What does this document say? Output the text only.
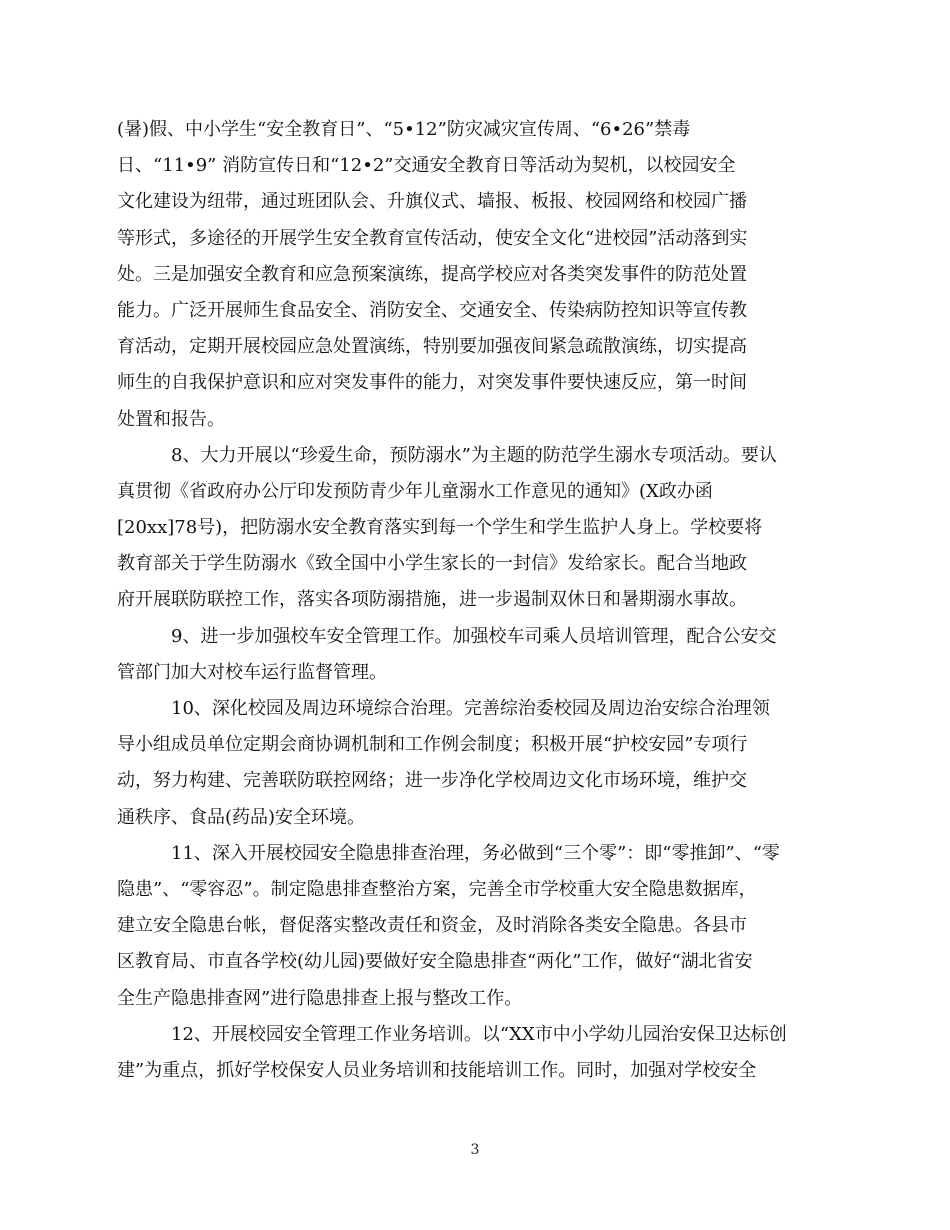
(暑)假、中小学生“安全教育日”、“5•12”防灾减灾宣传周、“6•26”禁毒
日、“11•9” 消防宣传日和“12•2”交通安全教育日等活动为契机，以校园安全
文化建设为纽带，通过班团队会、升旗仪式、墙报、板报、校园网络和校园广播
等形式，多途径的开展学生安全教育宣传活动，使安全文化“进校园”活动落到实
处。三是加强安全教育和应急预案演练，提高学校应对各类突发事件的防范处置
能力。广泛开展师生食品安全、消防安全、交通安全、传染病防控知识等宣传教
育活动，定期开展校园应急处置演练，特别要加强夜间紧急疏散演练，切实提高
师生的自我保护意识和应对突发事件的能力，对突发事件要快速反应，第一时间
处置和报告。
8、大力开展以“珍爱生命，预防溺水”为主题的防范学生溺水专项活动。要认
真贯彻《省政府办公厅印发预防青少年儿童溺水工作意见的通知》(X政办函
[20xx]78号)，把防溺水安全教育落实到每一个学生和学生监护人身上。学校要将
教育部关于学生防溺水《致全国中小学生家长的一封信》发给家长。配合当地政
府开展联防联控工作，落实各项防溺措施，进一步遏制双休日和暑期溺水事故。
9、进一步加强校车安全管理工作。加强校车司乘人员培训管理，配合公安交
管部门加大对校车运行监督管理。
10、深化校园及周边环境综合治理。完善综治委校园及周边治安综合治理领
导小组成员单位定期会商协调机制和工作例会制度；积极开展“护校安园”专项行
动，努力构建、完善联防联控网络；进一步净化学校周边文化市场环境，维护交
通秩序、食品(药品)安全环境。
11、深入开展校园安全隐患排查治理，务必做到“三个零”：即“零推卸”、“零
隐患”、“零容忍”。制定隐患排查整治方案，完善全市学校重大安全隐患数据库，
建立安全隐患台帐，督促落实整改责任和资金，及时消除各类安全隐患。各县市
区教育局、市直各学校(幼儿园)要做好安全隐患排查“两化”工作，做好“湖北省安
全生产隐患排查网”进行隐患排查上报与整改工作。
12、开展校园安全管理工作业务培训。以“XX市中小学幼儿园治安保卫达标创
建”为重点，抓好学校保安人员业务培训和技能培训工作。同时，加强对学校安全
3
